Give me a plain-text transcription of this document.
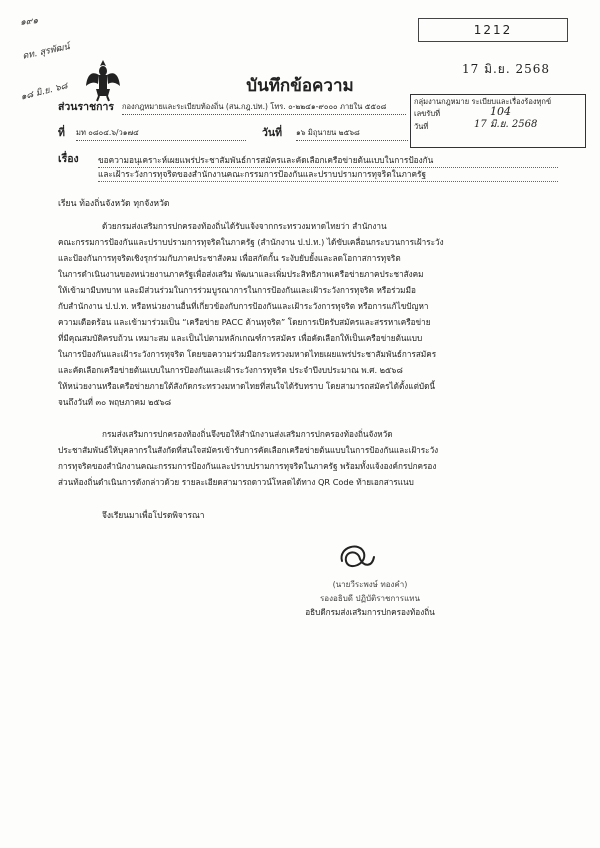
1212
17 มิ.ย. 2568
๑๙๑
ดท. สุรพัฒน์
๑๘ มิ.ย. ๖๘	บันทึกข้อความ
กลุ่มงานกฎหมาย ระเบียบและเรื่องร้องทุกข์
เลขรับที่	104
วันที่	17 มิ.ย. 2568
ส่วนราชการ กองกฎหมายและระเบียบท้องถิ่น (สน.กฎ.ปท.) โทร. ๐-๒๒๔๑-๙๐๐๐ ภายใน ๕๕๐๘
ที่ มท ๐๘๐๔.๖/ว๑๗๔	วันที่ ๑๖ มิถุนายน ๒๕๖๘
เรื่อง ขอความอนุเคราะห์เผยแพร่ประชาสัมพันธ์การสมัครและคัดเลือกเครือข่ายต้นแบบในการป้องกัน
และเฝ้าระวังการทุจริตของสำนักงานคณะกรรมการป้องกันและปราบปรามการทุจริตในภาครัฐ
เรียน ท้องถิ่นจังหวัด ทุกจังหวัด
ด้วยกรมส่งเสริมการปกครองท้องถิ่นได้รับแจ้งจากกระทรวงมหาดไทยว่า สำนักงาน
คณะกรรมการป้องกันและปราบปรามการทุจริตในภาครัฐ (สำนักงาน ป.ป.ท.) ได้ขับเคลื่อนกระบวนการเฝ้าระวัง
และป้องกันการทุจริตเชิงรุกร่วมกับภาคประชาสังคม เพื่อสกัดกั้น ระงับยับยั้งและลดโอกาสการทุจริต
ในการดำเนินงานของหน่วยงานภาครัฐเพื่อส่งเสริม พัฒนาและเพิ่มประสิทธิภาพเครือข่ายภาคประชาสังคม
ให้เข้ามามีบทบาท และมีส่วนร่วมในการร่วมบูรณาการในการป้องกันและเฝ้าระวังการทุจริต หรือร่วมมือ
กับสำนักงาน ป.ป.ท. หรือหน่วยงานอื่นที่เกี่ยวข้องกับการป้องกันและเฝ้าระวังการทุจริต หรือการแก้ไขปัญหา
ความเดือดร้อน และเข้ามาร่วมเป็น “เครือข่าย PACC ต้านทุจริต” โดยการเปิดรับสมัครและสรรหาเครือข่าย
ที่มีคุณสมบัติครบถ้วน เหมาะสม และเป็นไปตามหลักเกณฑ์การสมัคร เพื่อคัดเลือกให้เป็นเครือข่ายต้นแบบ
ในการป้องกันและเฝ้าระวังการทุจริต โดยขอความร่วมมือกระทรวงมหาดไทยเผยแพร่ประชาสัมพันธ์การสมัคร
และคัดเลือกเครือข่ายต้นแบบในการป้องกันและเฝ้าระวังการทุจริต ประจำปีงบประมาณ พ.ศ. ๒๕๖๘
ให้หน่วยงานหรือเครือข่ายภายใต้สังกัดกระทรวงมหาดไทยที่สนใจได้รับทราบ โดยสามารถสมัครได้ตั้งแต่บัดนี้
จนถึงวันที่ ๓๐ พฤษภาคม ๒๕๖๘
กรมส่งเสริมการปกครองท้องถิ่นจึงขอให้สำนักงานส่งเสริมการปกครองท้องถิ่นจังหวัด
ประชาสัมพันธ์ให้บุคลากรในสังกัดที่สนใจสมัครเข้ารับการคัดเลือกเครือข่ายต้นแบบในการป้องกันและเฝ้าระวัง
การทุจริตของสำนักงานคณะกรรมการป้องกันและปราบปรามการทุจริตในภาครัฐ พร้อมทั้งแจ้งองค์กรปกครอง
ส่วนท้องถิ่นดำเนินการดังกล่าวด้วย รายละเอียดสามารถดาวน์โหลดได้ทาง QR Code ท้ายเอกสารแนบ
จึงเรียนมาเพื่อโปรดพิจารณา
(นายวีระพงษ์ ทองคำ)
รองอธิบดี ปฏิบัติราชการแทน
อธิบดีกรมส่งเสริมการปกครองท้องถิ่น
